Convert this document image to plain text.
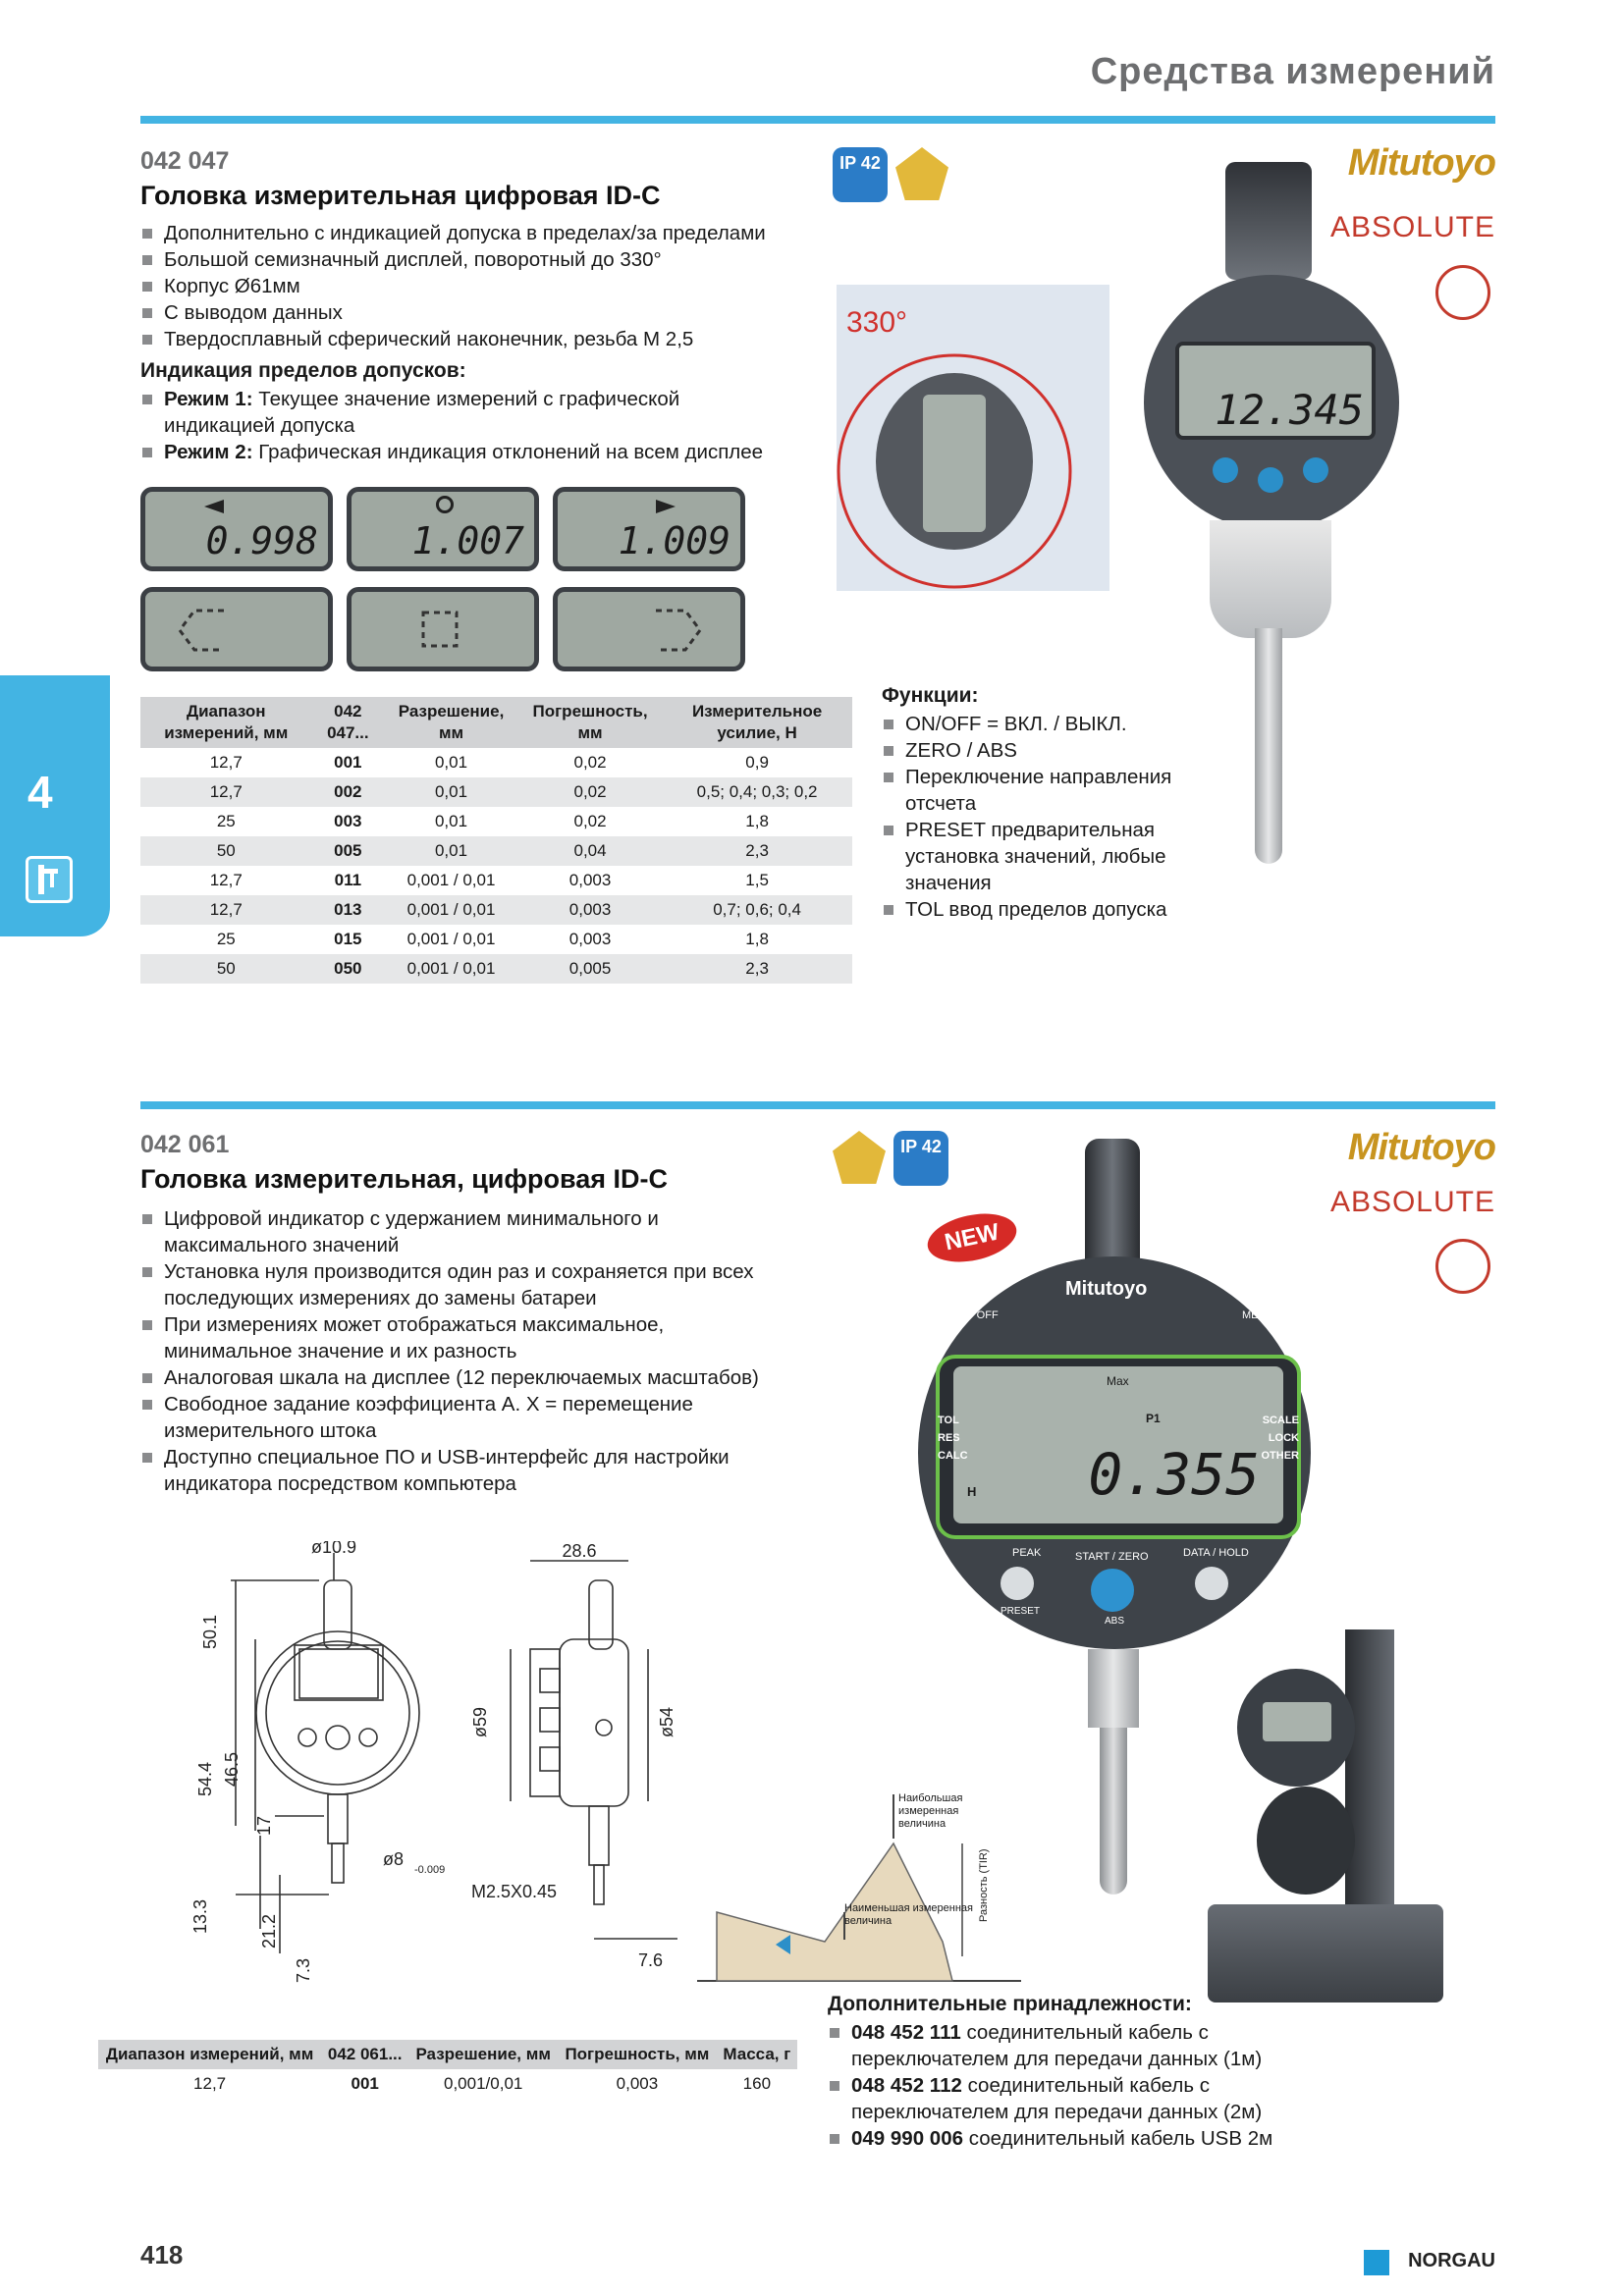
Средства измерений
4
042 047
Головка измерительная цифровая ID-C
Дополнительно с индикацией допуска в пределах/за пределами
Большой семизначный дисплей, поворотный до 330°
Корпус Ø61мм
С выводом данных
Твердосплавный сферический наконечник, резьба М 2,5
Индикация пределов допусков:
Режим 1: Текущее значение измерений с графической индикацией допуска
Режим 2: Графическая индикация отклонений на всем дисплее
0.998	1.007	1.009
IP 42
330°
12.345
Mitutoyo
ABSOLUTE
Диапазон измерений, мм	042 047...	Разрешение, мм	Погрешность, мм	Измерительное усилие, Н
12,7	001	0,01	0,02	0,9
12,7	002	0,01	0,02	0,5; 0,4; 0,3; 0,2
25	003	0,01	0,02	1,8
50	005	0,01	0,04	2,3
12,7	011	0,001 / 0,01	0,003	1,5
12,7	013	0,001 / 0,01	0,003	0,7; 0,6; 0,4
25	015	0,001 / 0,01	0,003	1,8
50	050	0,001 / 0,01	0,005	2,3
Функции:
ON/OFF = ВКЛ. / ВЫКЛ.
ZERO / ABS
Переключение направления отсчета
PRESET предварительная установка значений, любые значения
TOL ввод пределов допуска
042 061
Головка измерительная, цифровая ID-C
Цифровой индикатор с удержанием минимального и максимального значений
Установка нуля производится один раз и сохраняется при всех последующих измерениях до замены батареи
При измерениях может отображаться максимальное, минимальное значение и их разность
Аналоговая шкала на дисплее (12 переключаемых масштабов)
Свободное задание коэффициента А. Х = перемещение измерительного штока
Доступно специальное ПО и USB-интерфейс для настройки индикатора посредством компьютера
IP 42
NEW
Mitutoyo
ABSOLUTE
Mitutoyo
ON / OFF	MENU
Max
P1
H 0.355
TOL
RES
CALC
SCALE
LOCK
OTHER
PEAK
PRESET
START / ZERO
ABS
DATA / HOLD
ø10.9	28.6
50.1
54.4 46.5
17
ø8
-0.009
13.3	21.2
7.3
ø59	ø54
M2.5X0.45
7.6
Наибольшая измеренная величина
Наименьшая измеренная величина	Разность (TIR)
Дополнительные принадлежности:
048 452 111 соединительный кабель с переключателем для передачи данных (1м)
048 452 112 соединительный кабель с переключателем для передачи данных (2м)
049 990 006 соединительный кабель USB 2м
Диапазон измерений, мм	042 061...	Разрешение, мм	Погрешность, мм	Масса, г
12,7	001	0,001/0,01	0,003	160
418	NORGAU
